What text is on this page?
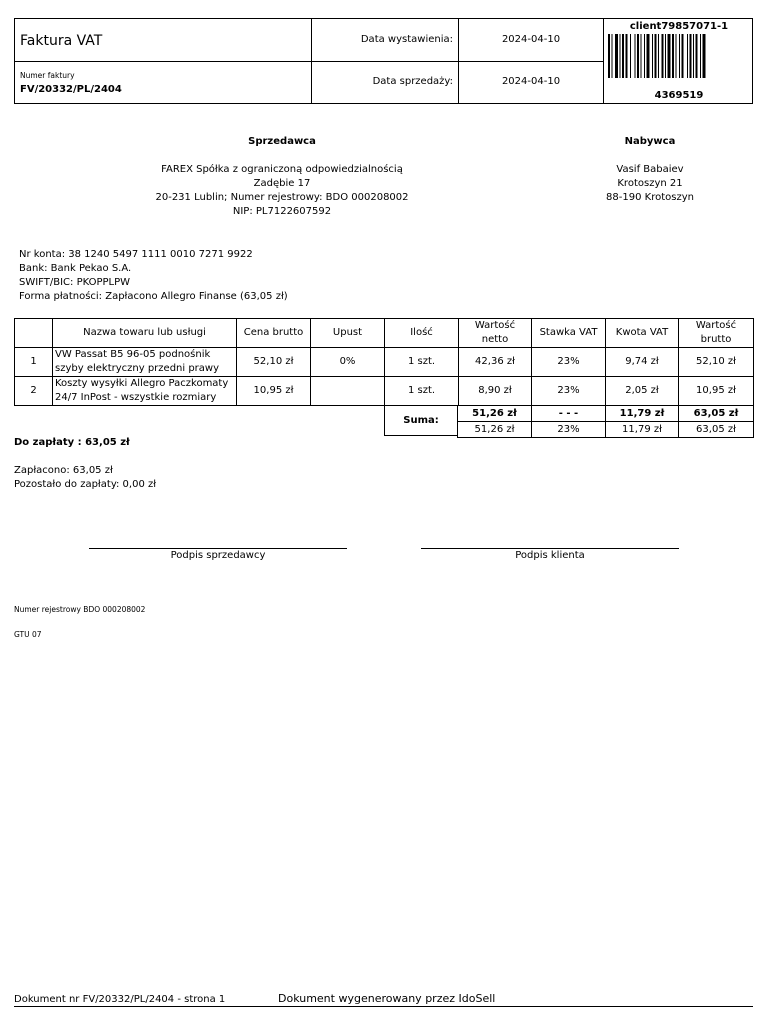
Faktura VAT
Numer faktury
FV/20332/PL/2404
Data wystawienia:	2024-04-10
Data sprzedaży:	2024-04-10
client79857071-1
4369519
Sprzedawca
FAREX Spółka z ograniczoną odpowiedzialnością
Zadębie 17
20-231 Lublin; Numer rejestrowy: BDO 000208002
NIP: PL7122607592
Nabywca
Vasif Babaiev
Krotoszyn 21
88-190 Krotoszyn
Nr konta: 38 1240 5497 1111 0010 7271 9922
Bank: Bank Pekao S.A.
SWIFT/BIC: PKOPPLPW
Forma płatności: Zapłacono Allegro Finanse (63,05 zł)
	Nazwa towaru lub usługi	Cena brutto	Upust	Ilość	Wartość netto	Stawka VAT	Kwota VAT	Wartość brutto
1	VW Passat B5 96-05 podnośnik szyby elektryczny przedni prawy	52,10 zł	0%	1 szt.	42,36 zł	23%	9,74 zł	52,10 zł
2	Koszty wysyłki Allegro Paczkomaty 24/7 InPost - wszystkie rozmiary	10,95 zł		1 szt.	8,90 zł	23%	2,05 zł	10,95 zł
Suma:
51,26 zł	- - -	11,79 zł	63,05 zł
51,26 zł	23%	11,79 zł	63,05 zł
Do zapłaty : 63,05 zł
Zapłacono: 63,05 zł
Pozostało do zapłaty: 0,00 zł
Podpis sprzedawcy	Podpis klienta
Numer rejestrowy BDO 000208002
GTU 07
Dokument nr FV/20332/PL/2404 - strona 1	Dokument wygenerowany przez IdoSell
